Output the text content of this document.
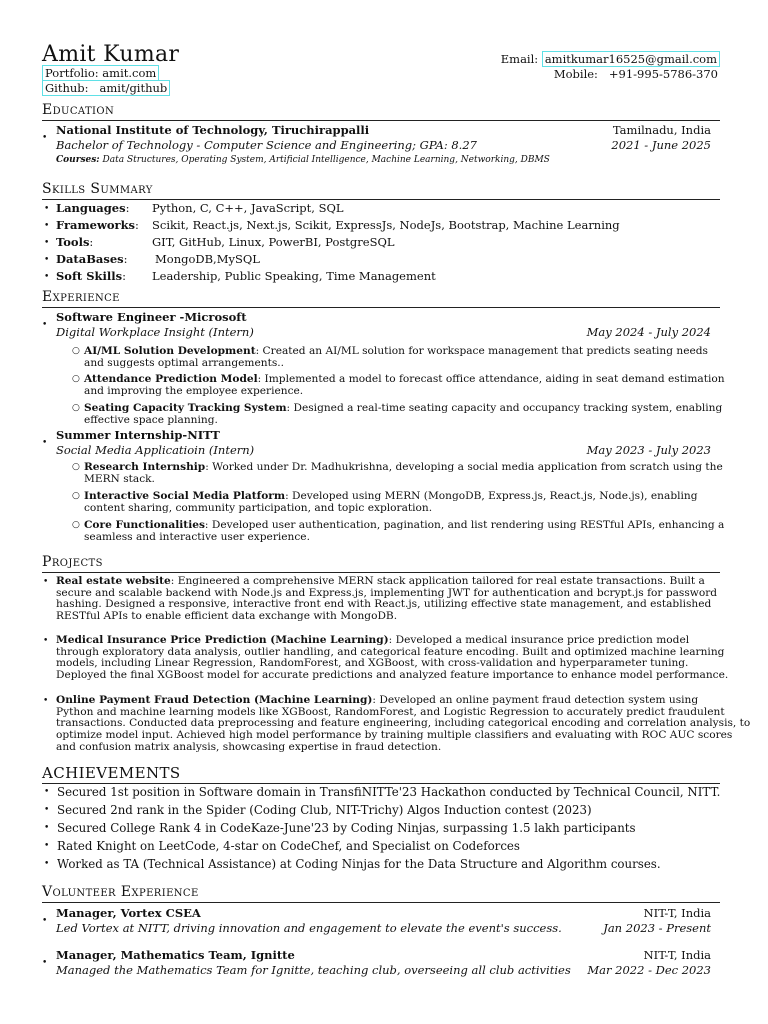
Amit Kumar
Portfolio: amit.com
Github: amit/github
Email: amitkumar16525@gmail.com
Mobile: +91-995-5786-370
Education
•
National Institute of Technology, Tiruchirappalli	Tamilnadu, India
Bachelor of Technology - Computer Science and Engineering; GPA: 8.27	2021 - June 2025
Courses: Data Structures, Operating System, Artificial Intelligence, Machine Learning, Networking, DBMS
Skills Summary
• Languages: Python, C, C++, JavaScript, SQL
• Frameworks: Scikit, React.js, Next.js, Scikit, ExpressJs, NodeJs, Bootstrap, Machine Learning
• Tools:	GIT, GitHub, Linux, PowerBI, PostgreSQL
• DataBases: MongoDB,MySQL
• Soft Skills: Leadership, Public Speaking, Time Management
Experience
•
Software Engineer -Microsoft
Digital Workplace Insight (Intern)	May 2024 - July 2024
○ AI/ML Solution Development: Created an AI/ML solution for workspace management that predicts seating needs
and suggests optimal arrangements..
○ Attendance Prediction Model: Implemented a model to forecast office attendance, aiding in seat demand estimation
and improving the employee experience.
○ Seating Capacity Tracking System: Designed a real-time seating capacity and occupancy tracking system, enabling
effective space planning.
•
Summer Internship-NITT
Social Media Applicatioin (Intern)	May 2023 - July 2023
○ Research Internship: Worked under Dr. Madhukrishna, developing a social media application from scratch using the
MERN stack.
○ Interactive Social Media Platform: Developed using MERN (MongoDB, Express.js, React.js, Node.js), enabling
content sharing, community participation, and topic exploration.
○ Core Functionalities: Developed user authentication, pagination, and list rendering using RESTful APIs, enhancing a
seamless and interactive user experience.
Projects
• Real estate website: Engineered a comprehensive MERN stack application tailored for real estate transactions. Built a
secure and scalable backend with Node.js and Express.js, implementing JWT for authentication and bcrypt.js for password
hashing. Designed a responsive, interactive front end with React.js, utilizing effective state management, and established
RESTful APIs to enable efficient data exchange with MongoDB.
• Medical Insurance Price Prediction (Machine Learning): Developed a medical insurance price prediction model
through exploratory data analysis, outlier handling, and categorical feature encoding. Built and optimized machine learning
models, including Linear Regression, RandomForest, and XGBoost, with cross-validation and hyperparameter tuning.
Deployed the final XGBoost model for accurate predictions and analyzed feature importance to enhance model performance.
• Online Payment Fraud Detection (Machine Learning): Developed an online payment fraud detection system using
Python and machine learning models like XGBoost, RandomForest, and Logistic Regression to accurately predict fraudulent
transactions. Conducted data preprocessing and feature engineering, including categorical encoding and correlation analysis, to
optimize model input. Achieved high model performance by training multiple classifiers and evaluating with ROC AUC scores
and confusion matrix analysis, showcasing expertise in fraud detection.
ACHIEVEMENTS
• Secured 1st position in Software domain in TransfiNITTe'23 Hackathon conducted by Technical Council, NITT.
• Secured 2nd rank in the Spider (Coding Club, NIT-Trichy) Algos Induction contest (2023)
• Secured College Rank 4 in CodeKaze-June'23 by Coding Ninjas, surpassing 1.5 lakh participants
• Rated Knight on LeetCode, 4-star on CodeChef, and Specialist on Codeforces
• Worked as TA (Technical Assistance) at Coding Ninjas for the Data Structure and Algorithm courses.
Volunteer Experience
•
Manager, Vortex CSEA	NIT-T, India
Led Vortex at NITT, driving innovation and engagement to elevate the event's success.	Jan 2023 - Present
•
Manager, Mathematics Team, Ignitte	NIT-T, India
Managed the Mathematics Team for Ignitte, teaching club, overseeing all club activities Mar 2022 - Dec 2023
